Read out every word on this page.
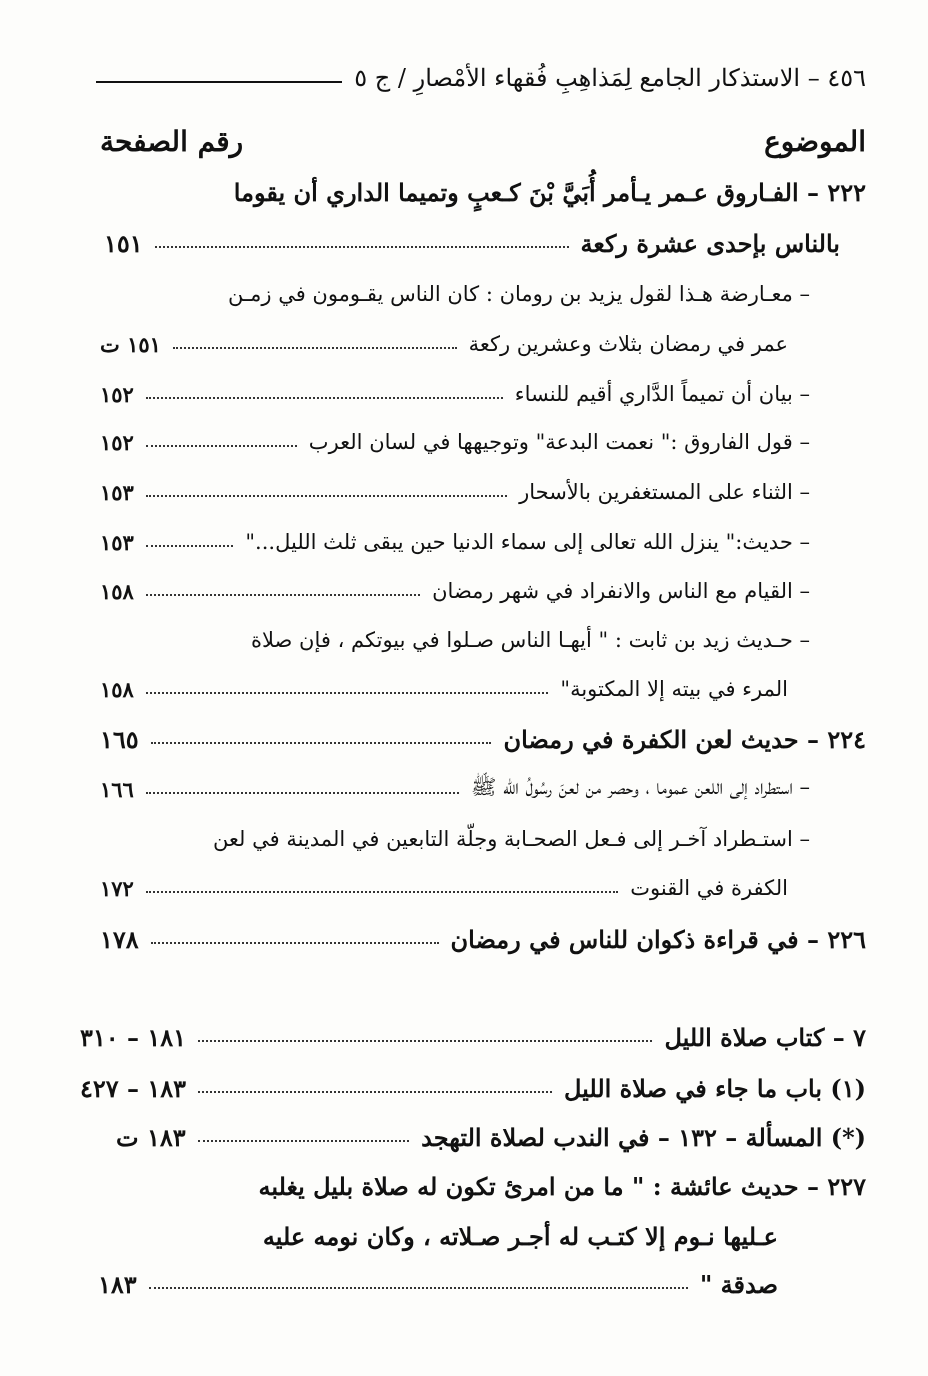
٤٥٦ – الاستذكار الجامع لِمَذاهِبِ فُقهاء الأمْصارِ / ج ٥
الموضوع
رقم الصفحة
٢٢٢ – الفـاروق عـمر يـأمر أُبَيَّ بْنَ كـعبٍ وتميما الداري أن يقوما
بالناس بإحدى عشرة ركعة
١٥١
– معـارضة هـذا لقول يزيد بن رومان : كان الناس يقـومون في زمـن
عمر في رمضان بثلاث وعشرين ركعة
١٥١ ت
– بيان أن تميماً الدَّاري أقيم للنساء
١٥٢
– قول الفاروق :" نعمت البدعة" وتوجيهها في لسان العرب
١٥٢
– الثناء على المستغفرين بالأسحار
١٥٣
– حديث:" ينزل الله تعالى إلى سماء الدنيا حين يبقى ثلث الليل..."
١٥٣
– القيام مع الناس والانفراد في شهر رمضان
١٥٨
– حـديث زيد بن ثابت : " أيهـا الناس صـلوا في بيوتكم ، فإن صلاة
المرء في بيته إلا المكتوبة"
١٥٨
٢٢٤ – حديث لعن الكفرة في رمضان
١٦٥
– استطراد إلى اللعن عموما ، وحصر من لعنَ رسُولُ الله ﷺ
١٦٦
– استـطراد آخـر إلى فـعل الصحـابة وجلّة التابعين في المدينة في لعن
الكفرة في القنوت
١٧٢
٢٢٦ – في قراءة ذكوان للناس في رمضان
١٧٨
٧ – كتاب صلاة الليل
١٨١ – ٣١٠
(١) باب ما جاء في صلاة الليل
١٨٣ – ٤٢٧
(*) المسألة – ١٣٢ – في الندب لصلاة التهجد
١٨٣ ت
٢٢٧ – حديث عائشة : " ما من امرئ تكون له صلاة بليل يغلبه
عـليها نـوم إلا كتـب له أجـر صـلاته ، وكان نومه عليه
صدقة "
١٨٣
